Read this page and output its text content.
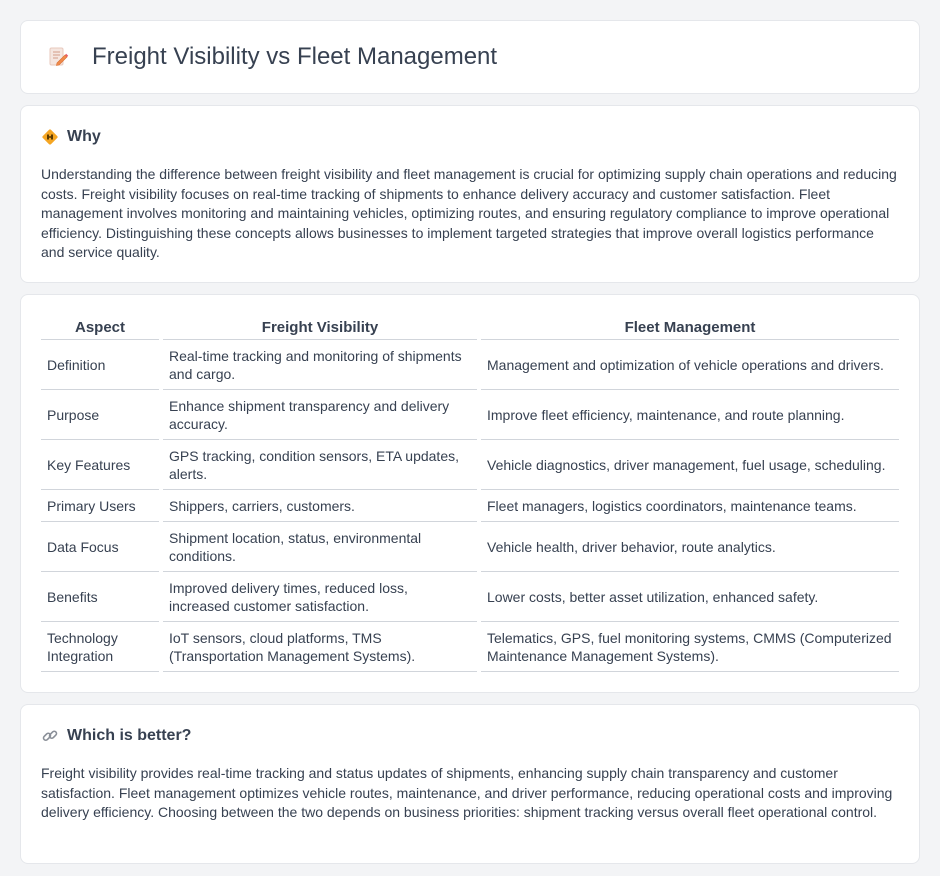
Freight Visibility vs Fleet Management
Why

Understanding the difference between freight visibility and fleet management is crucial for optimizing supply chain operations and reducing costs. Freight visibility focuses on real-time tracking of shipments to enhance delivery accuracy and customer satisfaction. Fleet management involves monitoring and maintaining vehicles, optimizing routes, and ensuring regulatory compliance to improve operational efficiency. Distinguishing these concepts allows businesses to implement targeted strategies that improve overall logistics performance and service quality.

Aspect	Freight Visibility	Fleet Management
Definition	Real-time tracking and monitoring of shipments and cargo.	Management and optimization of vehicle operations and drivers.
Purpose	Enhance shipment transparency and delivery accuracy.	Improve fleet efficiency, maintenance, and route planning.
Key Features	GPS tracking, condition sensors, ETA updates, alerts.	Vehicle diagnostics, driver management, fuel usage, scheduling.
Primary Users	Shippers, carriers, customers.	Fleet managers, logistics coordinators, maintenance teams.
Data Focus	Shipment location, status, environmental conditions.	Vehicle health, driver behavior, route analytics.
Benefits	Improved delivery times, reduced loss, increased customer satisfaction.	Lower costs, better asset utilization, enhanced safety.
Technology Integration	IoT sensors, cloud platforms, TMS (Transportation Management Systems).	Telematics, GPS, fuel monitoring systems, CMMS (Computerized Maintenance Management Systems).
Which is better?

Freight visibility provides real-time tracking and status updates of shipments, enhancing supply chain transparency and customer satisfaction. Fleet management optimizes vehicle routes, maintenance, and driver performance, reducing operational costs and improving delivery efficiency. Choosing between the two depends on business priorities: shipment tracking versus overall fleet operational control.
